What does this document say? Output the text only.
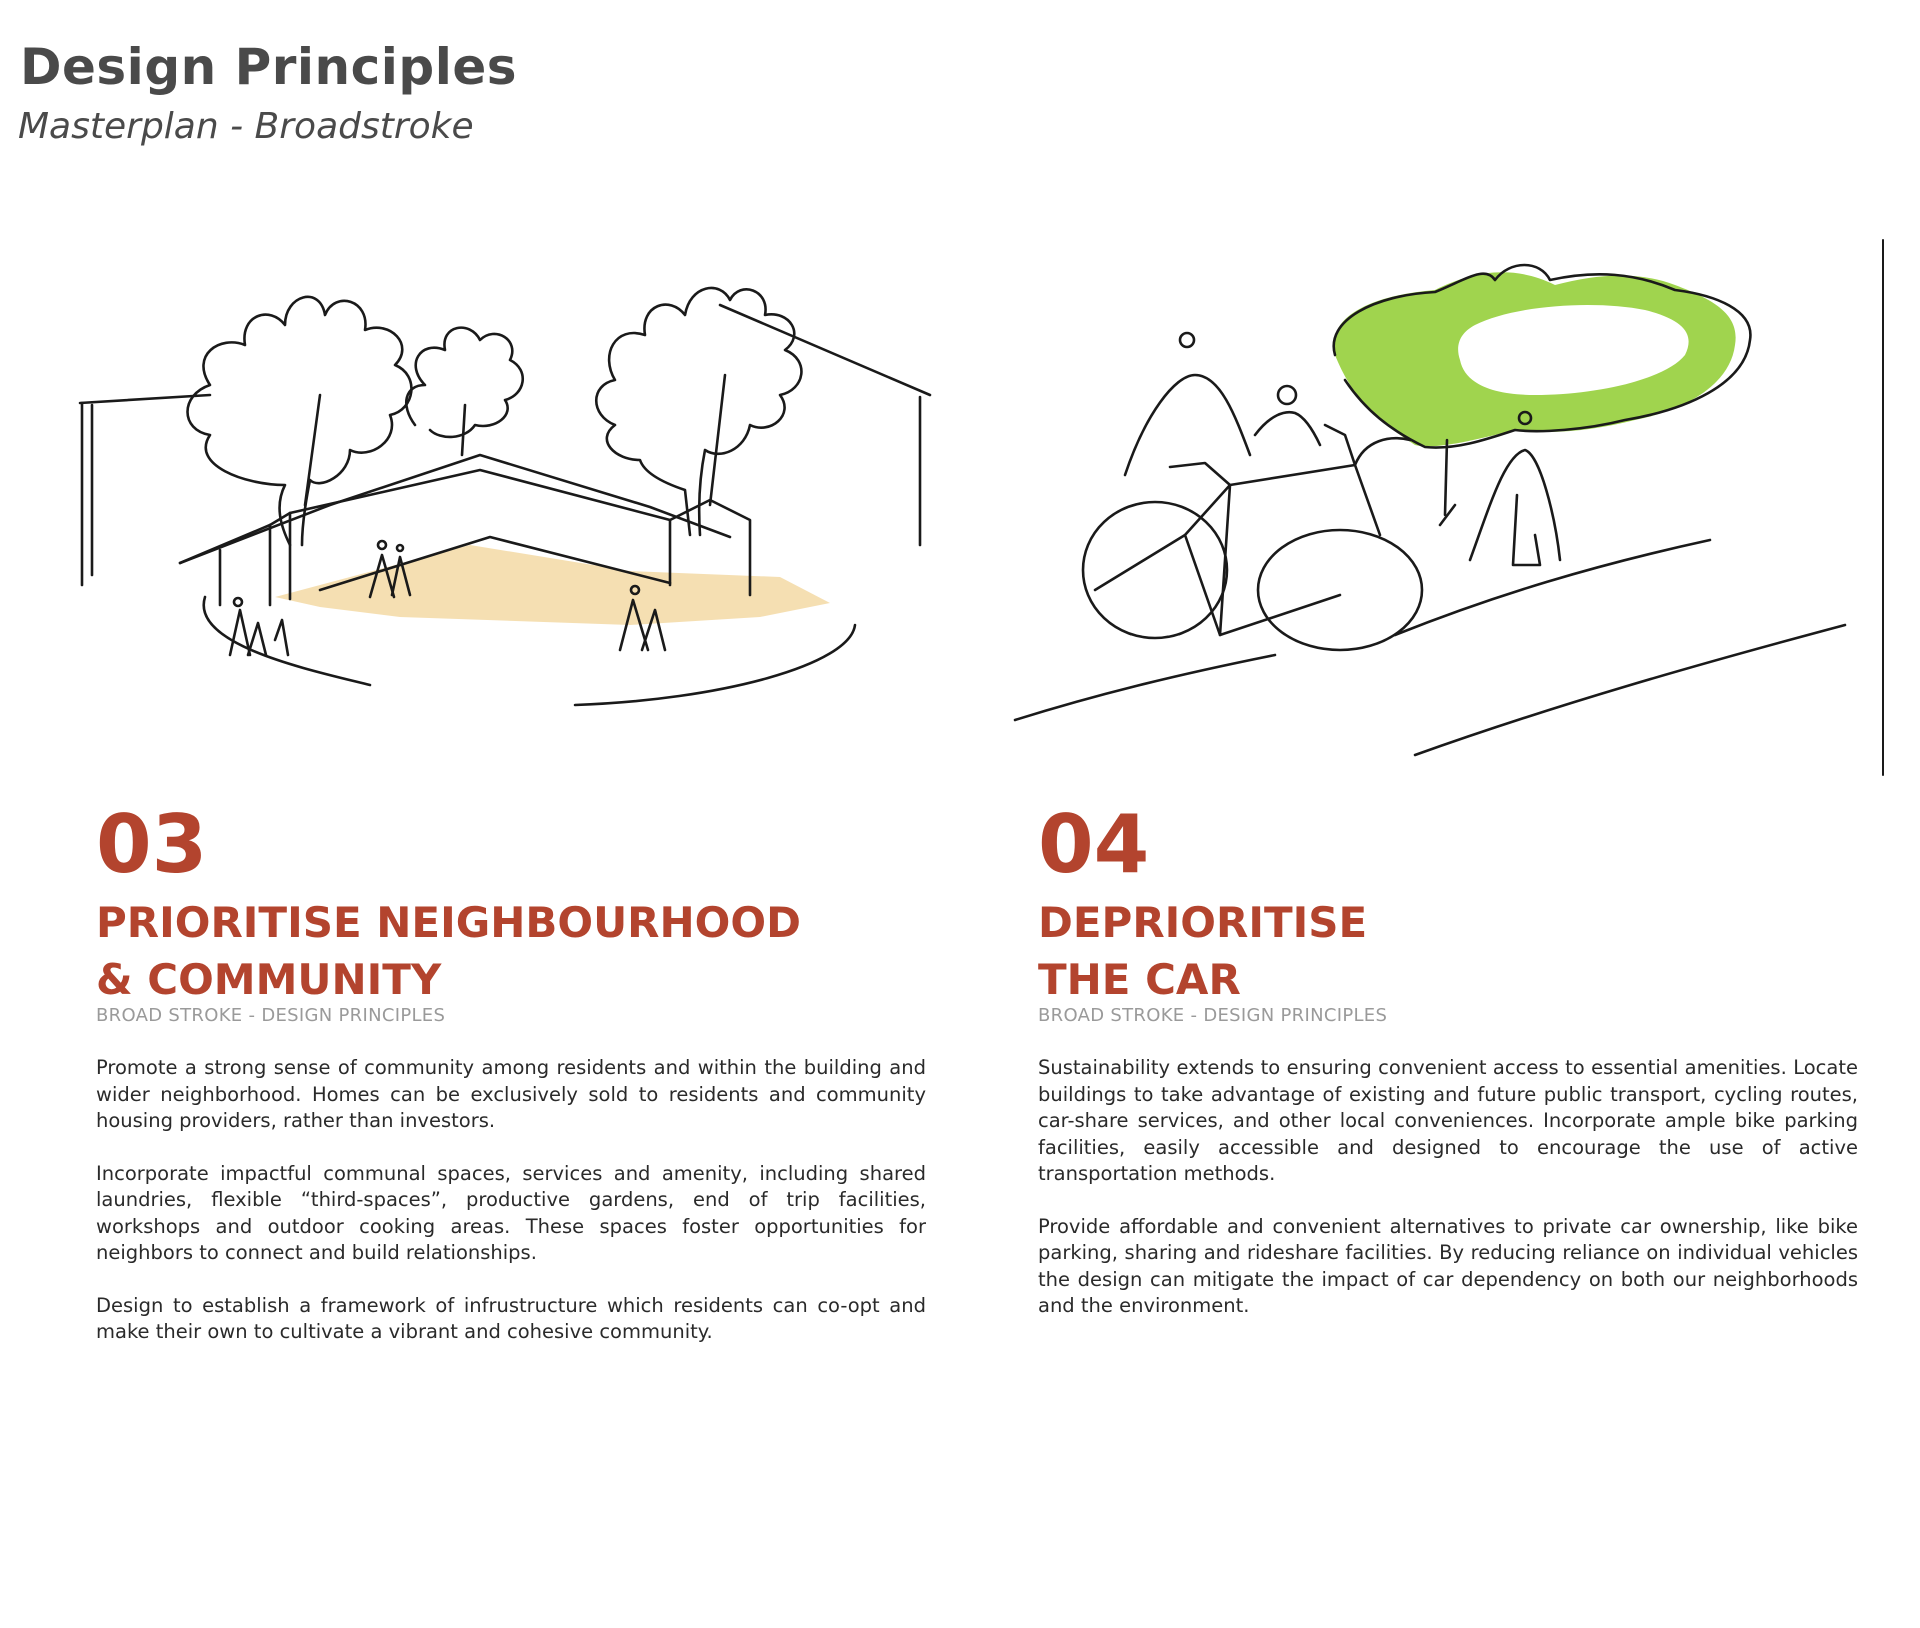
Design Principles
Masterplan - Broadstroke
03
PRIORITISE NEIGHBOURHOOD
& COMMUNITY
BROAD STROKE - DESIGN PRINCIPLES

Promote a strong sense of community among residents and within the building and wider neighborhood. Homes can be exclusively sold to residents and community housing providers, rather than investors.

Incorporate impactful communal spaces, services and amenity, including shared laundries, flexible “third-spaces”, productive gardens, end of trip facilities, workshops and outdoor cooking areas. These spaces foster opportunities for neighbors to connect and build relationships.

Design to establish a framework of infrustructure which residents can co-opt and make their own to cultivate a vibrant and cohesive community.

04
DEPRIORITISE
THE CAR
BROAD STROKE - DESIGN PRINCIPLES

Sustainability extends to ensuring convenient access to essential amenities. Locate buildings to take advantage of existing and future public transport, cycling routes, car-share services, and other local conveniences. Incorporate ample bike parking facilities, easily accessible and designed to encourage the use of active transportation methods.

Provide affordable and convenient alternatives to private car ownership, like bike parking, sharing and rideshare facilities. By reducing reliance on individual vehicles the design can mitigate the impact of car dependency on both our neighborhoods and the environment.
